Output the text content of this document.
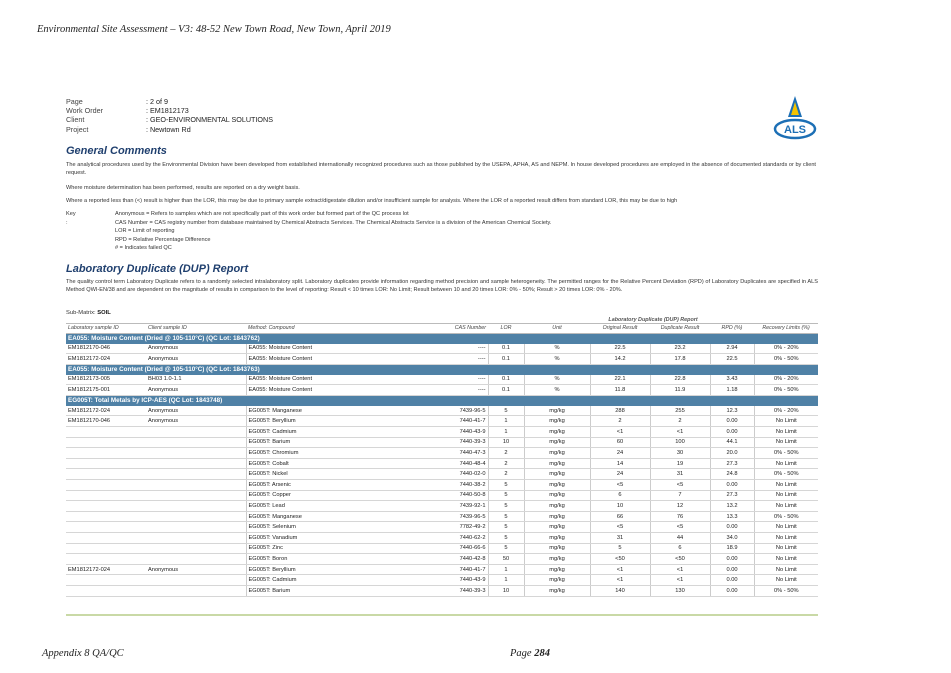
Environmental Site Assessment – V3: 48-52 New Town Road, New Town, April 2019
Page	: 2 of 9
Work Order	: EM1812173
Client	: GEO-ENVIRONMENTAL SOLUTIONS
Project	: Newtown Rd	ALS
General Comments
The analytical procedures used by the Environmental Division have been developed from established internationally recognized procedures such as those published by the USEPA, APHA, AS and NEPM. In house developed procedures are employed in the absence of documented standards or by client request.
Where moisture determination has been performed, results are reported on a dry weight basis.
Where a reported less than (<) result is higher than the LOR, this may be due to primary sample extract/digestate dilution and/or insufficient sample for analysis. Where the LOR of a reported result differs from standard LOR, this may be due to high
Key :
Anonymous = Refers to samples which are not specifically part of this work order but formed part of the QC process lot
CAS Number = CAS registry number from database maintained by Chemical Abstracts Services. The Chemical Abstracts Service is a division of the American Chemical Society.
LOR = Limit of reporting
RPD = Relative Percentage Difference
# = Indicates failed QC
Laboratory Duplicate (DUP) Report
The quality control term Laboratory Duplicate refers to a randomly selected intralaboratory split. Laboratory duplicates provide information regarding method precision and sample heterogeneity. The permitted ranges for the Relative Percent Deviation (RPD) of Laboratory Duplicates are specified in ALS Method QWI-EN/38 and are dependent on the magnitude of results in comparison to the level of reporting: Result < 10 times LOR: No Limit; Result between 10 and 20 times LOR: 0% - 50%; Result > 20 times LOR: 0% - 20%.
Sub-Matrix: SOIL
				Laboratory Duplicate (DUP) Report					
Laboratory sample ID	Client sample ID	Method: Compound	CAS Number	LOR	Unit	Original Result	Duplicate Result	RPD (%)	Recovery Limits (%)
EA055: Moisture Content (Dried @ 105-110°C) (QC Lot: 1843762)									
EM1812170-046	Anonymous	EA055: Moisture Content	----	0.1	%	22.5	23.2	2.94	0% - 20%
EM1812172-024	Anonymous	EA055: Moisture Content	----	0.1	%	14.2	17.8	22.5	0% - 50%
EA055: Moisture Content (Dried @ 105-110°C) (QC Lot: 1843763)									
EM1812173-005	BH03 1.0-1.1	EA055: Moisture Content	----	0.1	%	22.1	22.8	3.43	0% - 20%
EM1812175-001	Anonymous	EA055: Moisture Content	----	0.1	%	11.8	11.9	1.18	0% - 50%
EG005T: Total Metals by ICP-AES (QC Lot: 1843748)									
EM1812172-024	Anonymous	EG005T: Manganese	7439-96-5	5	mg/kg	288	255	12.3	0% - 20%
EM1812170-046	Anonymous	EG005T: Beryllium	7440-41-7	1	mg/kg	2	2	0.00	No Limit
		EG005T: Cadmium	7440-43-9	1	mg/kg	<1	<1	0.00	No Limit
		EG005T: Barium	7440-39-3	10	mg/kg	60	100	44.1	No Limit
		EG005T: Chromium	7440-47-3	2	mg/kg	24	30	20.0	0% - 50%
		EG005T: Cobalt	7440-48-4	2	mg/kg	14	19	27.3	No Limit
		EG005T: Nickel	7440-02-0	2	mg/kg	24	31	24.8	0% - 50%
		EG005T: Arsenic	7440-38-2	5	mg/kg	<5	<5	0.00	No Limit
		EG005T: Copper	7440-50-8	5	mg/kg	6	7	27.3	No Limit
		EG005T: Lead	7439-92-1	5	mg/kg	10	12	13.2	No Limit
		EG005T: Manganese	7439-96-5	5	mg/kg	66	76	13.3	0% - 50%
		EG005T: Selenium	7782-49-2	5	mg/kg	<5	<5	0.00	No Limit
		EG005T: Vanadium	7440-62-2	5	mg/kg	31	44	34.0	No Limit
		EG005T: Zinc	7440-66-6	5	mg/kg	5	6	18.9	No Limit
		EG005T: Boron	7440-42-8	50	mg/kg	<50	<50	0.00	No Limit
EM1812172-024	Anonymous	EG005T: Beryllium	7440-41-7	1	mg/kg	<1	<1	0.00	No Limit
		EG005T: Cadmium	7440-43-9	1	mg/kg	<1	<1	0.00	No Limit
		EG005T: Barium	7440-39-3	10	mg/kg	140	130	0.00	0% - 50%
Appendix 8 QA/QC	Page 284
